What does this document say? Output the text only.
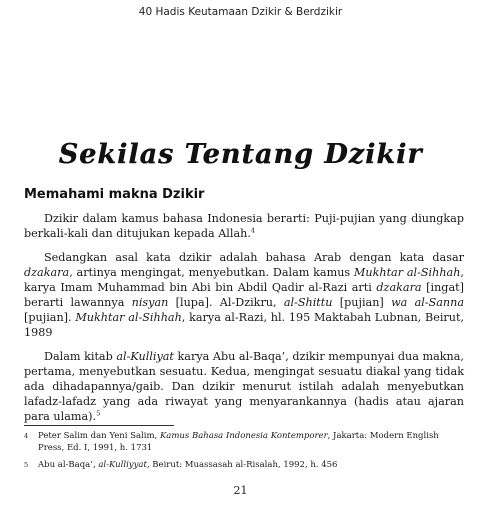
40 Hadis Keutamaan Dzikir & Berdzikir
Sekilas Tentang Dzikir
Memahami makna Dzikir

Dzikir dalam kamus bahasa Indonesia berarti: Puji-pujian yang diungkap berkali-kali dan ditujukan kepada Allah.$^4$

Sedangkan asal kata dzikir adalah bahasa Arab dengan kata dasar dzakara, artinya mengingat, menyebutkan. Dalam kamus Mukhtar al-Sihhah, karya Imam Muhammad bin Abi bin Abdil Qadir al-Razi arti dzakara [ingat] berarti lawannya nisyan [lupa]. Al-Dzikru, al-Shittu [pujian] wa al-Sanna [pujian]. Mukhtar al-Sihhah, karya al-Razi, hl. 195 Maktabah Lubnan, Beirut, 1989

Dalam kitab al-Kulliyat karya Abu al-Baqa’, dzikir mempunyai dua makna, pertama, menyebutkan sesuatu. Kedua, mengingat sesuatu diakal yang tidak ada dihadapannya/gaib. Dan dzikir menurut istilah adalah menyebutkan lafadz-lafadz yang ada riwayat yang menyarankannya (hadis atau ajaran para ulama).$^5$

4	Peter Salim dan Yeni Salim, Kamus Bahasa Indonesia Kontemporer, Jakarta: Modern English Press, Ed. I, 1991, h. 1731
5	Abu al-Baqa’, al-Kulliyyat, Beirut: Muassasah al-Risalah, 1992, h. 456
21
